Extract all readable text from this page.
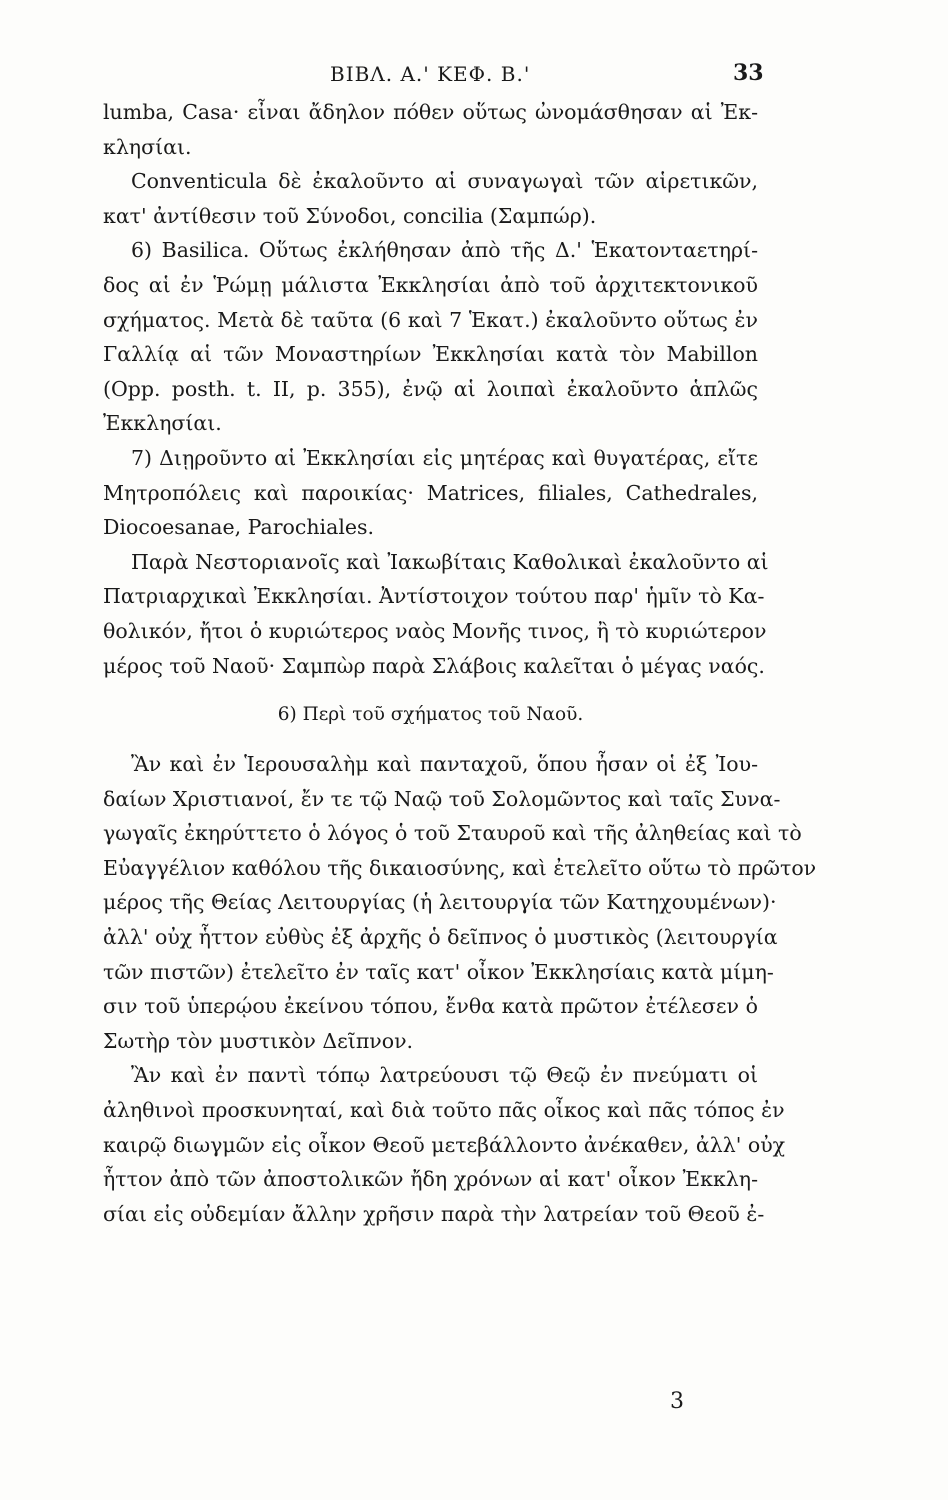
ΒΙΒΛ. Α.' ΚΕΦ. Β.'	33
lumba, Casa· εἶναι ἄδηλον πόθεν οὕτως ὠνομάσθησαν αἱ Ἐκ-
κλησίαι.
Conventicula δὲ ἐκαλοῦντο αἱ συναγωγαὶ τῶν αἱρετικῶν,
κατ' ἀντίθεσιν τοῦ Σύνοδοι, concilia (Σαμπώρ).
6) Basilica. Οὕτως ἐκλήθησαν ἀπὸ τῆς Δ.' Ἑκατονταετηρί-
δος αἱ ἐν Ῥώμῃ μάλιστα Ἐκκλησίαι ἀπὸ τοῦ ἀρχιτεκτονικοῦ
σχήματος. Μετὰ δὲ ταῦτα (6 καὶ 7 Ἑκατ.) ἐκαλοῦντο οὕτως ἐν
Γαλλίᾳ αἱ τῶν Μοναστηρίων Ἐκκλησίαι κατὰ τὸν Mabillon
(Opp. posth. t. II, p. 355), ἐνῷ αἱ λοιπαὶ ἐκαλοῦντο ἁπλῶς
Ἐκκλησίαι.
7) Διῃροῦντο αἱ Ἐκκλησίαι εἰς μητέρας καὶ θυγατέρας, εἴτε
Μητροπόλεις καὶ παροικίας· Matrices, filiales, Cathedrales,
Diocoesanae, Parochiales.
Παρὰ Νεστοριανοῖς καὶ Ἰακωβίταις Καθολικαὶ ἐκαλοῦντο αἱ
Πατριαρχικαὶ Ἐκκλησίαι. Ἀντίστοιχον τούτου παρ' ἡμῖν τὸ Κα-
θολικόν, ἤτοι ὁ κυριώτερος ναὸς Μονῆς τινος, ἢ τὸ κυριώτερον
μέρος τοῦ Ναοῦ· Σαμπὼρ παρὰ Σλάβοις καλεῖται ὁ μέγας ναός.
6) Περὶ τοῦ σχήματος τοῦ Ναοῦ.
Ἂν καὶ ἐν Ἱερουσαλὴμ καὶ πανταχοῦ, ὅπου ἦσαν οἱ ἐξ Ἰου-
δαίων Χριστιανοί, ἔν τε τῷ Ναῷ τοῦ Σολομῶντος καὶ ταῖς Συνα-
γωγαῖς ἐκηρύττετο ὁ λόγος ὁ τοῦ Σταυροῦ καὶ τῆς ἀληθείας καὶ τὸ
Εὐαγγέλιον καθόλου τῆς δικαιοσύνης, καὶ ἐτελεῖτο οὕτω τὸ πρῶτον
μέρος τῆς Θείας Λειτουργίας (ἡ λειτουργία τῶν Κατηχουμένων)·
ἀλλ' οὐχ ἧττον εὐθὺς ἐξ ἀρχῆς ὁ δεῖπνος ὁ μυστικὸς (λειτουργία
τῶν πιστῶν) ἐτελεῖτο ἐν ταῖς κατ' οἶκον Ἐκκλησίαις κατὰ μίμη-
σιν τοῦ ὑπερῴου ἐκείνου τόπου, ἔνθα κατὰ πρῶτον ἐτέλεσεν ὁ
Σωτὴρ τὸν μυστικὸν Δεῖπνον.
Ἂν καὶ ἐν παντὶ τόπῳ λατρεύουσι τῷ Θεῷ ἐν πνεύματι οἱ
ἀληθινοὶ προσκυνηταί, καὶ διὰ τοῦτο πᾶς οἶκος καὶ πᾶς τόπος ἐν
καιρῷ διωγμῶν εἰς οἶκον Θεοῦ μετεβάλλοντο ἀνέκαθεν, ἀλλ' οὐχ
ἧττον ἀπὸ τῶν ἀποστολικῶν ἤδη χρόνων αἱ κατ' οἶκον Ἐκκλη-
σίαι εἰς οὐδεμίαν ἄλλην χρῆσιν παρὰ τὴν λατρείαν τοῦ Θεοῦ ἐ-
3
